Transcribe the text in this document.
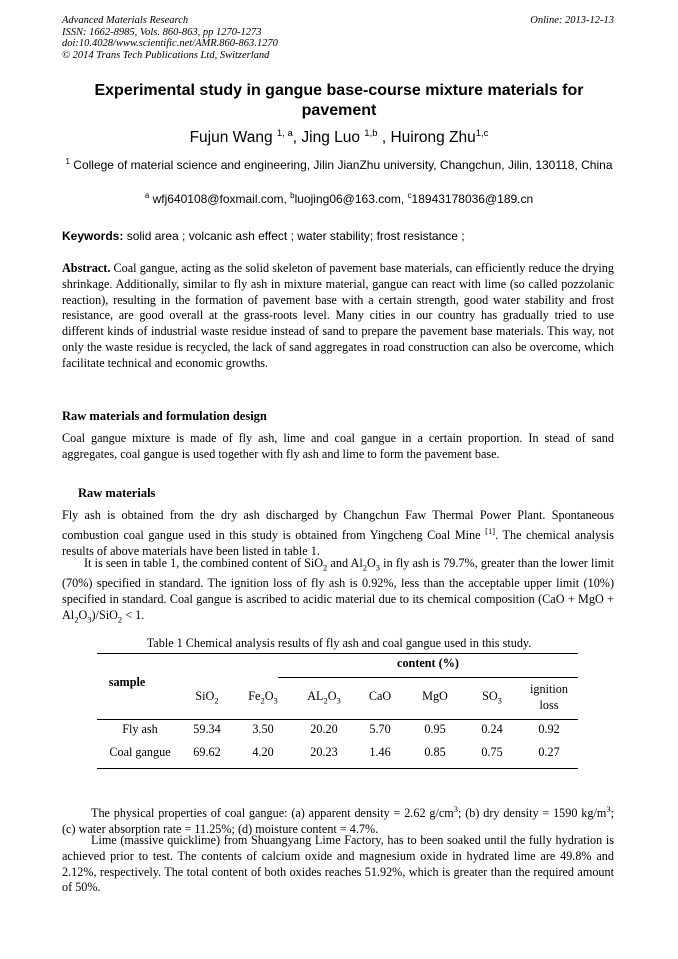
Advanced Materials Research
ISSN: 1662-8985, Vols. 860-863, pp 1270-1273
doi:10.4028/www.scientific.net/AMR.860-863.1270
© 2014 Trans Tech Publications Ltd, Switzerland
Online: 2013-12-13
Experimental study in gangue base-course mixture materials for pavement
Fujun Wang $^{1, a}$, Jing Luo $^{1,b}$ , Huirong Zhu$^{1,c}$
$^1$ College of material science and engineering, Jilin JianZhu university, Changchun, Jilin, 130118, China
$^a$ wfj640108@foxmail.com, $^b$luojing06@163.com, $^c$18943178036@189.cn
Keywords: solid area ; volcanic ash effect ; water stability; frost resistance ;
Abstract. Coal gangue, acting as the solid skeleton of pavement base materials, can efficiently reduce the drying shrinkage. Additionally, similar to fly ash in mixture material, gangue can react with lime (so called pozzolanic reaction), resulting in the formation of pavement base with a certain strength, good water stability and frost resistance, are good overall at the grass-roots level. Many cities in our country has gradually tried to use different kinds of industrial waste residue instead of sand to prepare the pavement base materials. This way, not only the waste residue is recycled, the lack of sand aggregates in road construction can also be overcome, which facilitate technical and economic growths.
Raw materials and formulation design
Coal gangue mixture is made of fly ash, lime and coal gangue in a certain proportion. In stead of sand aggregates, coal gangue is used together with fly ash and lime to form the pavement base.
Raw materials
Fly ash is obtained from the dry ash discharged by Changchun Faw Thermal Power Plant. Spontaneous combustion coal gangue used in this study is obtained from Yingcheng Coal Mine [1]. The chemical analysis results of above materials have been listed in table 1.
It is seen in table 1, the combined content of SiO$_2$ and $Al_2O_3$ in fly ash is 79.7%, greater than the lower limit (70%) specified in standard. The ignition loss of fly ash is 0.92%, less than the acceptable upper limit (10%) specified in standard. Coal gangue is ascribed to acidic material due to its chemical composition (CaO + MgO + $Al_2O_3)/SiO_2 < 1$.
Table 1 Chemical analysis results of fly ash and coal gangue used in this study.
sample
content (%)
SiO$_2$	$Fe_2O_3$	$AL_2O_3$	CaO	MgO	$SO_3$
ignition
loss
Fly ash	59.34	3.50	20.20	5.70	0.95	0.24	0.92
Coal gangue	69.62	4.20	20.23	1.46	0.85	0.75	0.27
The physical properties of coal gangue: (a) apparent density = 2.62 $g/cm^3$; (b) dry density = 1590 $kg/m^3$; (c) water absorption rate = 11.25%; (d) moisture content = 4.7%.
Lime (massive quicklime) from Shuangyang Lime Factory, has to been soaked until the fully hydration is achieved prior to test. The contents of calcium oxide and magnesium oxide in hydrated lime are 49.8% and 2.12%, respectively. The total content of both oxides reaches 51.92%, which is greater than the required amount of 50%.
